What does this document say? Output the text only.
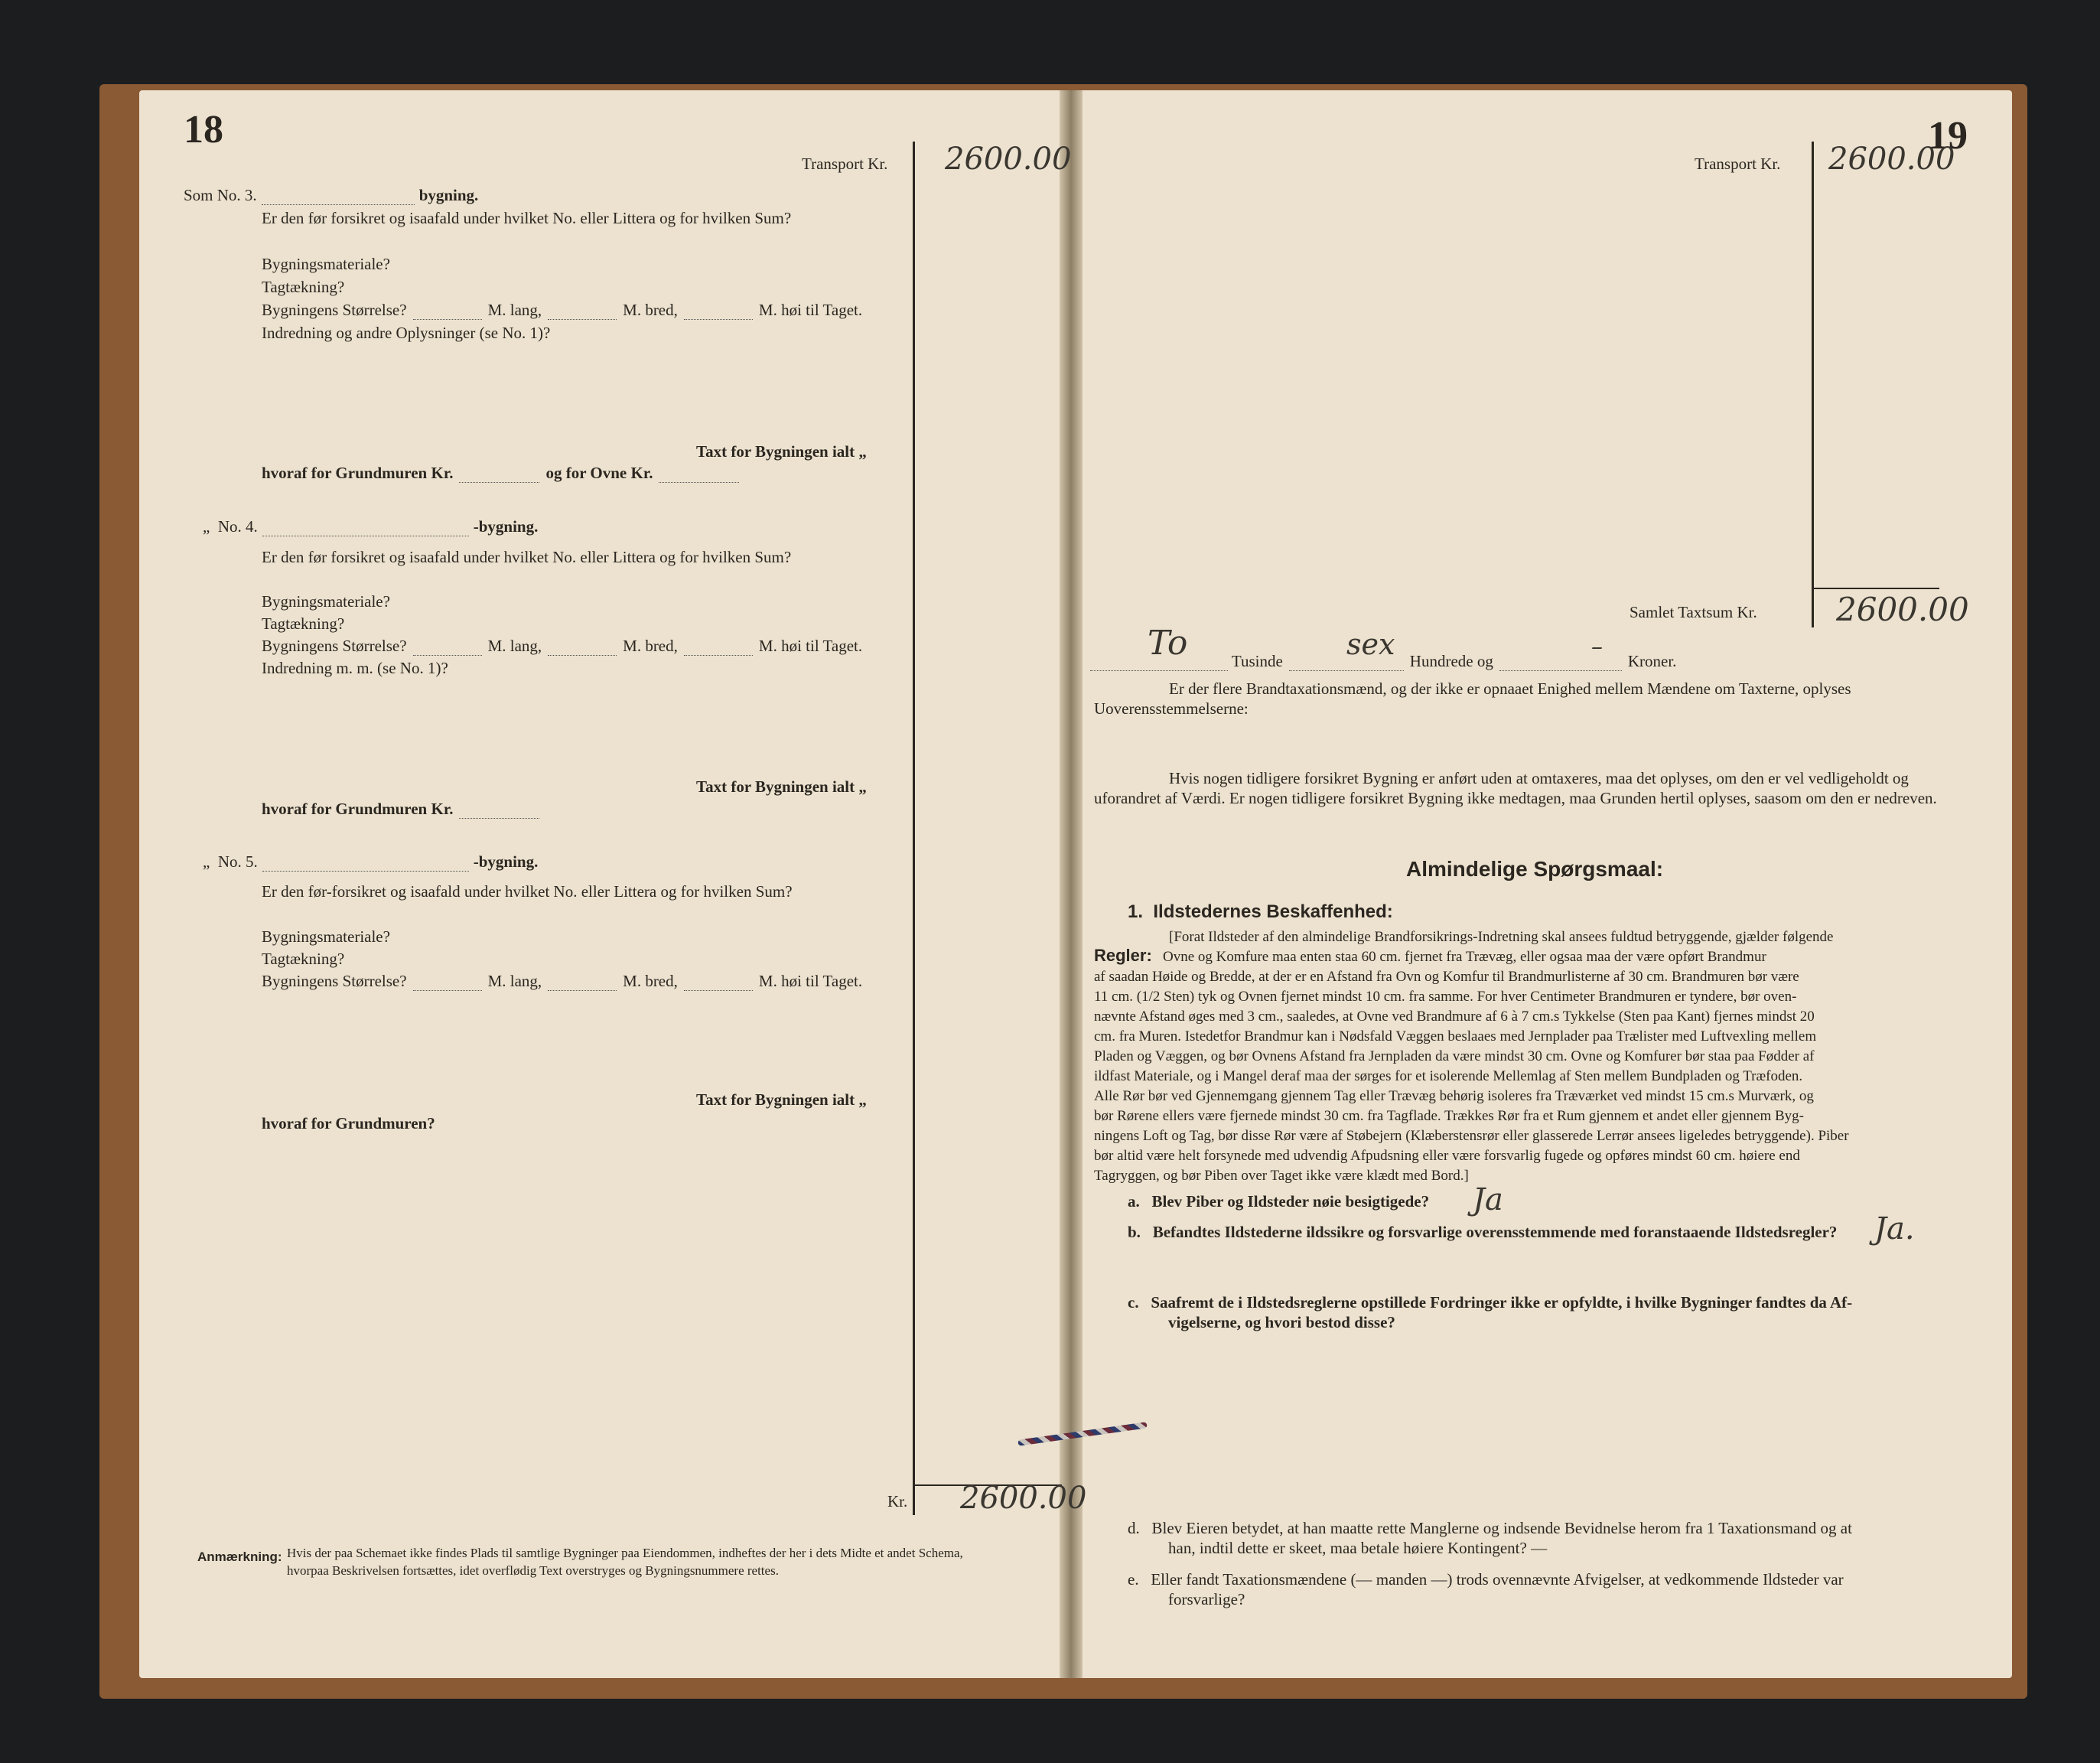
18
Transport Kr. 2600.00
Som No. 3.	bygning.
Er den før forsikret og isaafald under hvilket No. eller Littera og for hvilken Sum?
Bygningsmateriale?
Tagtækning?
Bygningens Størrelse?	M. lang,	M. bred,	M. høi til Taget.
Indredning og andre Oplysninger (se No. 1)?
Taxt for Bygningen ialt „
hvoraf for Grundmuren Kr.	og for Ovne Kr.
„ No. 4.	-bygning.
Er den før forsikret og isaafald under hvilket No. eller Littera og for hvilken Sum?
Bygningsmateriale?
Tagtækning?
Bygningens Størrelse?	M. lang,	M. bred,	M. høi til Taget.
Indredning m. m. (se No. 1)?
Taxt for Bygningen ialt „
hvoraf for Grundmuren Kr.
„ No. 5.	-bygning.
Er den før-forsikret og isaafald under hvilket No. eller Littera og for hvilken Sum?
Bygningsmateriale?
Tagtækning?
Bygningens Størrelse?	M. lang,	M. bred,	M. høi til Taget.
Taxt for Bygningen ialt „
hvoraf for Grundmuren?
Kr. 2600.00
Anmærkning: Hvis der paa Schemaet ikke findes Plads til samtlige Bygninger paa Eiendommen, indheftes der her i dets Midte et andet Schema,
hvorpaa Beskrivelsen fortsættes, idet overflødig Text overstryges og Bygningsnummere rettes.
19
Transport Kr. 2600.00
Samlet Taxtsum Kr. 2600.00
To	Tusinde	Hundrede og	Kroner.
sex	–
Er der flere Brandtaxationsmænd, og der ikke er opnaaet Enighed mellem Mændene om Taxterne, oplyses
Uoverensstemmelserne:
Hvis nogen tidligere forsikret Bygning er anført uden at omtaxeres, maa det oplyses, om den er vel vedligeholdt og
uforandret af Værdi. Er nogen tidligere forsikret Bygning ikke medtagen, maa Grunden hertil oplyses, saasom om den er nedreven.
Almindelige Spørgsmaal:
1. Ildstedernes Beskaffenhed:
Regler:
[Forat Ildsteder af den almindelige Brandforsikrings-Indretning skal ansees fuldtud betryggende, gjælder følgende
Ovne og Komfure maa enten staa 60 cm. fjernet fra Trævæg, eller ogsaa maa der være opført Brandmur
af saadan Høide og Bredde, at der er en Afstand fra Ovn og Komfur til Brandmurlisterne af 30 cm. Brandmuren bør være
11 cm. (1/2 Sten) tyk og Ovnen fjernet mindst 10 cm. fra samme. For hver Centimeter Brandmuren er tyndere, bør oven-
nævnte Afstand øges med 3 cm., saaledes, at Ovne ved Brandmure af 6 à 7 cm.s Tykkelse (Sten paa Kant) fjernes mindst 20
cm. fra Muren. Istedetfor Brandmur kan i Nødsfald Væggen beslaaes med Jernplader paa Trælister med Luftvexling mellem
Pladen og Væggen, og bør Ovnens Afstand fra Jernpladen da være mindst 30 cm. Ovne og Komfurer bør staa paa Fødder af
ildfast Materiale, og i Mangel deraf maa der sørges for et isolerende Mellemlag af Sten mellem Bundpladen og Træfoden.
Alle Rør bør ved Gjennemgang gjennem Tag eller Trævæg behørig isoleres fra Træværket ved mindst 15 cm.s Murværk, og
bør Rørene ellers være fjernede mindst 30 cm. fra Tagflade. Trækkes Rør fra et Rum gjennem et andet eller gjennem Byg-
ningens Loft og Tag, bør disse Rør være af Støbejern (Klæberstensrør eller glasserede Lerrør ansees ligeledes betryggende). Piber
bør altid være helt forsynede med udvendig Afpudsning eller være forsvarlig fugede og opføres mindst 60 cm. høiere end
Tagryggen, og bør Piben over Taget ikke være klædt med Bord.]
a. Blev Piber og Ildsteder nøie besigtigede? Ja
b. Befandtes Ildstederne ildssikre og forsvarlige overensstemmende med foranstaaende Ildstedsregler? Ja.
c. Saafremt de i Ildstedsreglerne opstillede Fordringer ikke er opfyldte, i hvilke Bygninger fandtes da Af-
vigelserne, og hvori bestod disse?
d. Blev Eieren betydet, at han maatte rette Manglerne og indsende Bevidnelse herom fra 1 Taxationsmand og at
han, indtil dette er skeet, maa betale høiere Kontingent? —
e. Eller fandt Taxationsmændene (— manden —) trods ovennævnte Afvigelser, at vedkommende Ildsteder var
forsvarlige?
